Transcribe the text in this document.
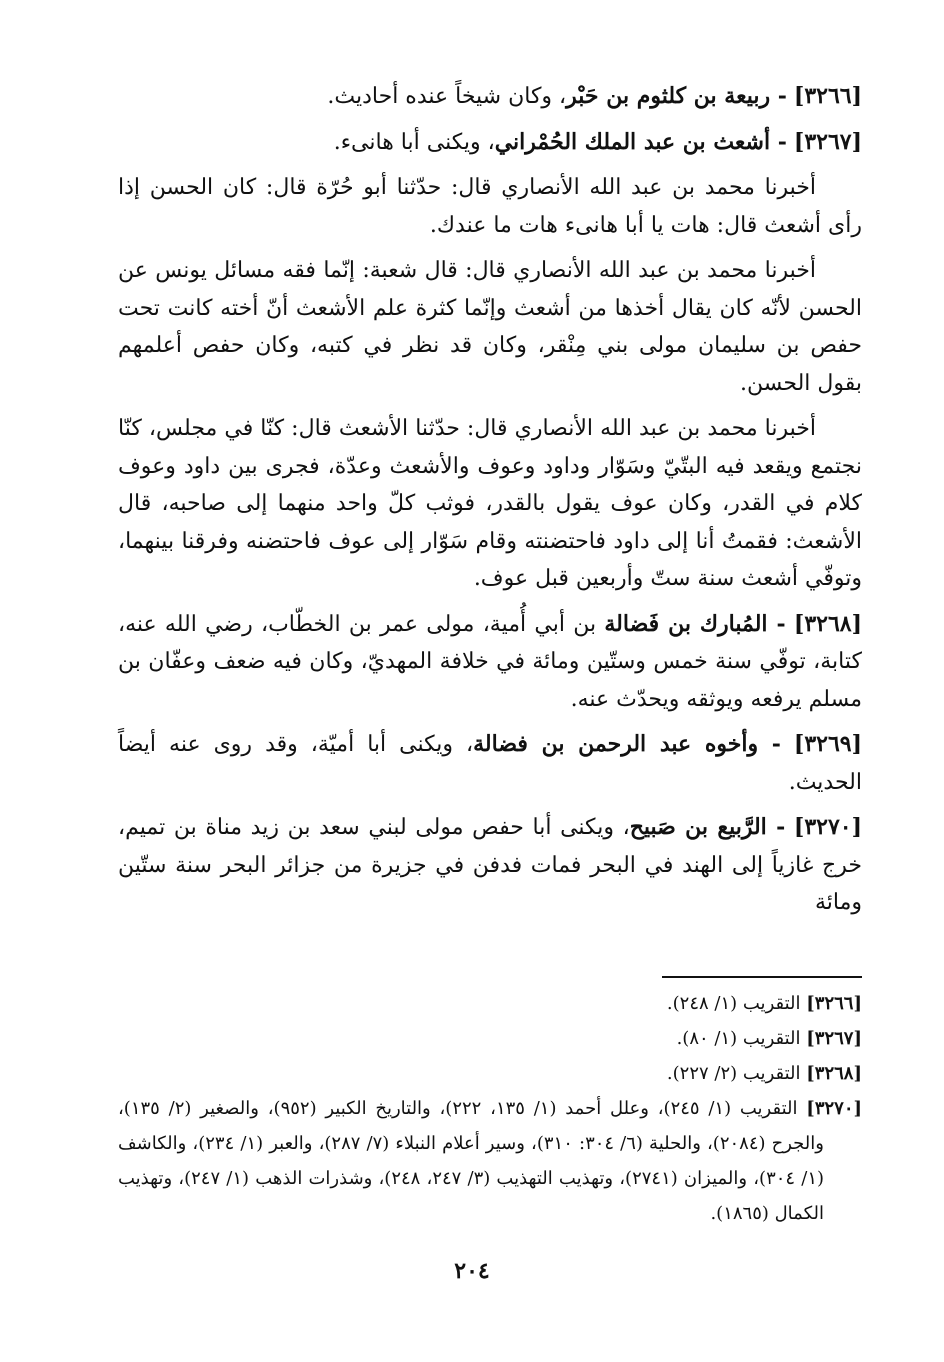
[٣٢٦٦] - ربيعة بن كلثوم بن حَبْر، وكان شيخاً عنده أحاديث.

[٣٢٦٧] - أشعث بن عبد الملك الحُمْراني، ويكنى أبا هانىء.

أخبرنا محمد بن عبد الله الأنصاري قال: حدّثنا أبو حُرّة قال: كان الحسن إذا رأى أشعث قال: هات يا أبا هانىء هات ما عندك.

أخبرنا محمد بن عبد الله الأنصاري قال: قال شعبة: إنّما فقه مسائل يونس عن الحسن لأنّه كان يقال أخذها من أشعث وإنّما كثرة علم الأشعث أنّ أخته كانت تحت حفص بن سليمان مولى بني مِنْقر، وكان قد نظر في كتبه، وكان حفص أعلمهم بقول الحسن.

أخبرنا محمد بن عبد الله الأنصاري قال: حدّثنا الأشعث قال: كنّا في مجلس، كنّا نجتمع ويقعد فيه البتّيّ وسَوّار وداود وعوف والأشعث وعدّة، فجرى بين داود وعوف كلام في القدر، وكان عوف يقول بالقدر، فوثب كلّ واحد منهما إلى صاحبه، قال الأشعث: فقمتُ أنا إلى داود فاحتضنته وقام سَوّار إلى عوف فاحتضنه وفرقنا بينهما، وتوفّي أشعث سنة ستّ وأربعين قبل عوف.

[٣٢٦٨] - المُبارك بن فَضالة بن أبي أُمية، مولى عمر بن الخطّاب، رضي الله عنه، كتابة، توفّي سنة خمس وستّين ومائة في خلافة المهديّ، وكان فيه ضعف وعفّان بن مسلم يرفعه ويوثقه ويحدّث عنه.

[٣٢٦٩] - وأخوه عبد الرحمن بن فضالة، ويكنى أبا أميّة، وقد روى عنه أيضاً الحديث.

[٣٢٧٠] - الرَّبيع بن صَبيح، ويكنى أبا حفص مولى لبني سعد بن زيد مناة بن تميم، خرج غازياً إلى الهند في البحر فمات فدفن في جزيرة من جزائر البحر سنة ستّين ومائة

[٣٢٦٦] التقريب (١/ ٢٤٨).

[٣٢٦٧] التقريب (١/ ٨٠).

[٣٢٦٨] التقريب (٢/ ٢٢٧).

[٣٢٧٠] التقريب (١/ ٢٤٥)، وعلل أحمد (١/ ١٣٥، ٢٢٢)، والتاريخ الكبير (٩٥٢)، والصغير (٢/ ١٣٥)، والجرح (٢٠٨٤)، والحلية (٦/ ٣٠٤: ٣١٠)، وسير أعلام النبلاء (٧/ ٢٨٧)، والعبر (١/ ٢٣٤)، والكاشف (١/ ٣٠٤)، والميزان (٢٧٤١)، وتهذيب التهذيب (٣/ ٢٤٧، ٢٤٨)، وشذرات الذهب (١/ ٢٤٧)، وتهذيب الكمال (١٨٦٥).

٢٠٤
